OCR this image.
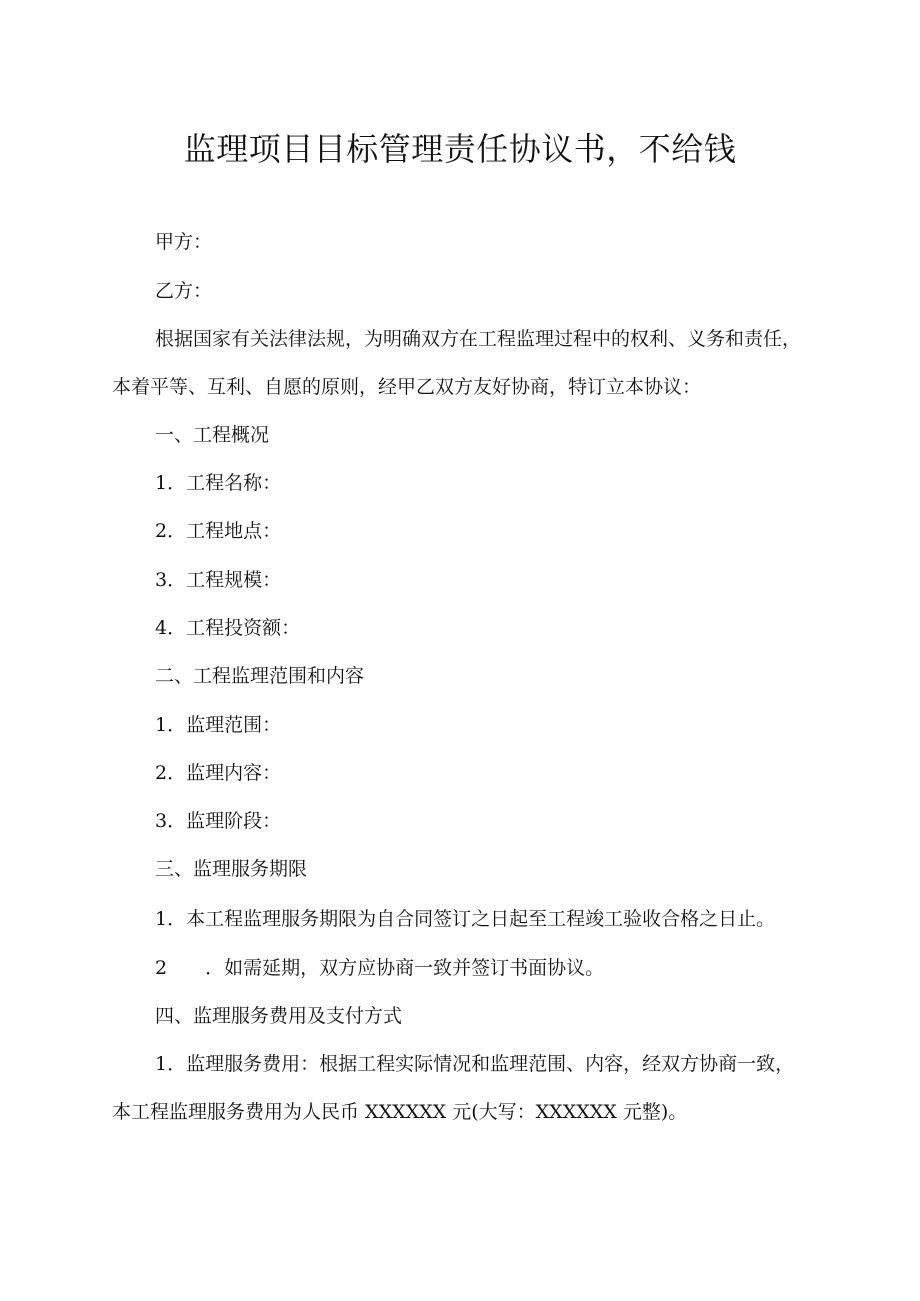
监理项目目标管理责任协议书，不给钱
甲方：
乙方：
根据国家有关法律法规，为明确双方在工程监理过程中的权利、义务和责任，
本着平等、互利、自愿的原则，经甲乙双方友好协商，特订立本协议：
一、工程概况
1．工程名称：
2．工程地点：
3．工程规模：
4．工程投资额：
二、工程监理范围和内容
1．监理范围：
2．监理内容：
3．监理阶段：
三、监理服务期限
1．本工程监理服务期限为自合同签订之日起至工程竣工验收合格之日止。
2　　．如需延期，双方应协商一致并签订书面协议。
四、监理服务费用及支付方式
1．监理服务费用：根据工程实际情况和监理范围、内容，经双方协商一致，
本工程监理服务费用为人民币 XXXXXX 元(大写：XXXXXX 元整)。
